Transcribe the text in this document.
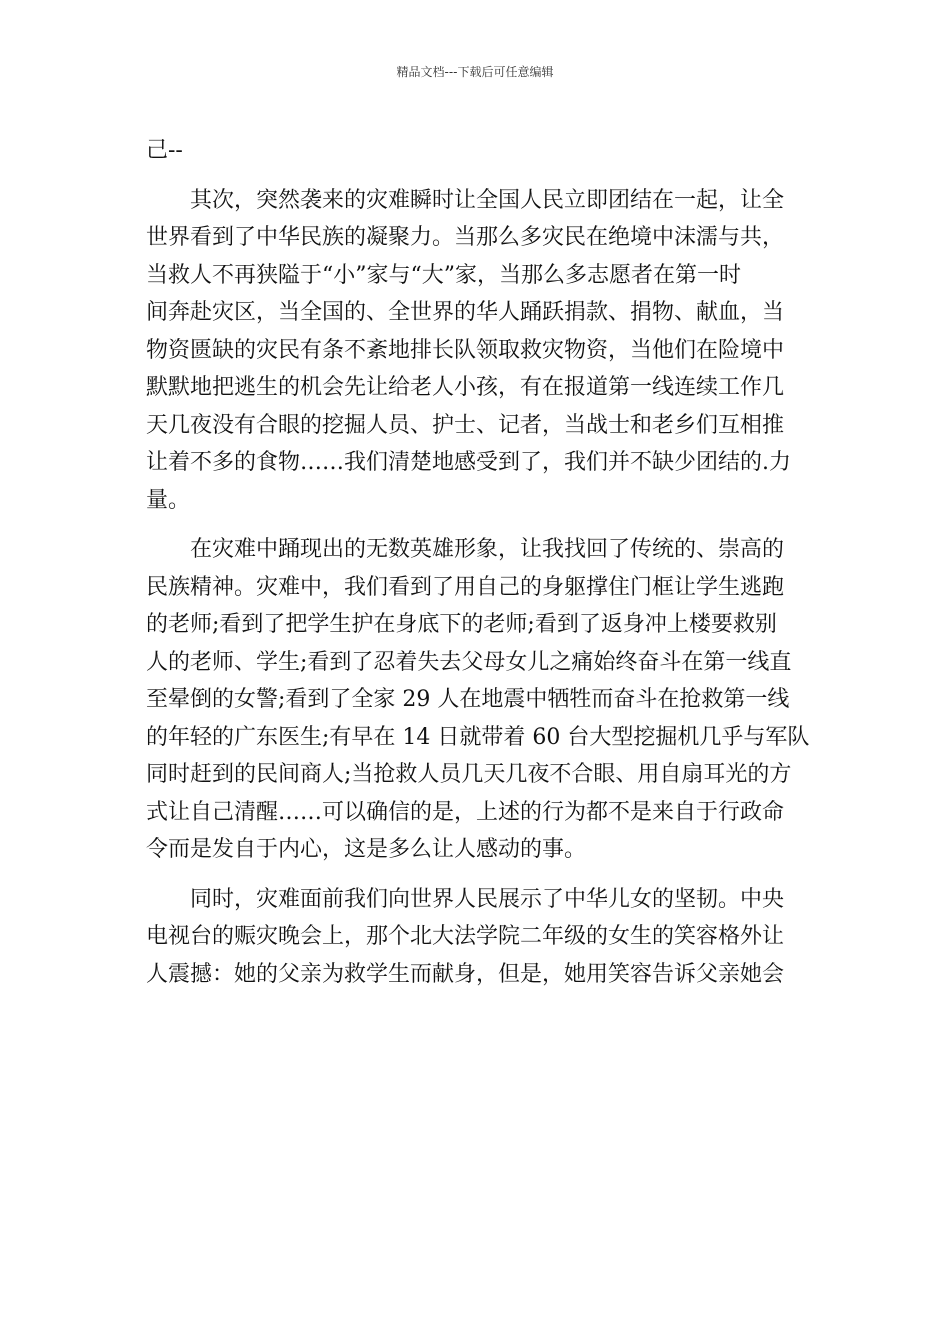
精品文档---下载后可任意编辑
己--
其次，突然袭来的灾难瞬时让全国人民立即团结在一起，让全
世界看到了中华民族的凝聚力。当那么多灾民在绝境中沫濡与共，
当救人不再狭隘于“小”家与“大”家，当那么多志愿者在第一时
间奔赴灾区，当全国的、全世界的华人踊跃捐款、捐物、献血，当
物资匮缺的灾民有条不紊地排长队领取救灾物资，当他们在险境中
默默地把逃生的机会先让给老人小孩，有在报道第一线连续工作几
天几夜没有合眼的挖掘人员、护士、记者，当战士和老乡们互相推
让着不多的食物……我们清楚地感受到了，我们并不缺少团结的.力
量。
在灾难中踊现出的无数英雄形象，让我找回了传统的、崇高的
民族精神。灾难中，我们看到了用自己的身躯撑住门框让学生逃跑
的老师;看到了把学生护在身底下的老师;看到了返身冲上楼要救别
人的老师、学生;看到了忍着失去父母女儿之痛始终奋斗在第一线直
至晕倒的女警;看到了全家 29 人在地震中牺牲而奋斗在抢救第一线
的年轻的广东医生;有早在 14 日就带着 60 台大型挖掘机几乎与军队
同时赶到的民间商人;当抢救人员几天几夜不合眼、用自扇耳光的方
式让自己清醒……可以确信的是，上述的行为都不是来自于行政命
令而是发自于内心，这是多么让人感动的事。
同时，灾难面前我们向世界人民展示了中华儿女的坚韧。中央
电视台的赈灾晚会上，那个北大法学院二年级的女生的笑容格外让
人震撼：她的父亲为救学生而献身，但是，她用笑容告诉父亲她会
